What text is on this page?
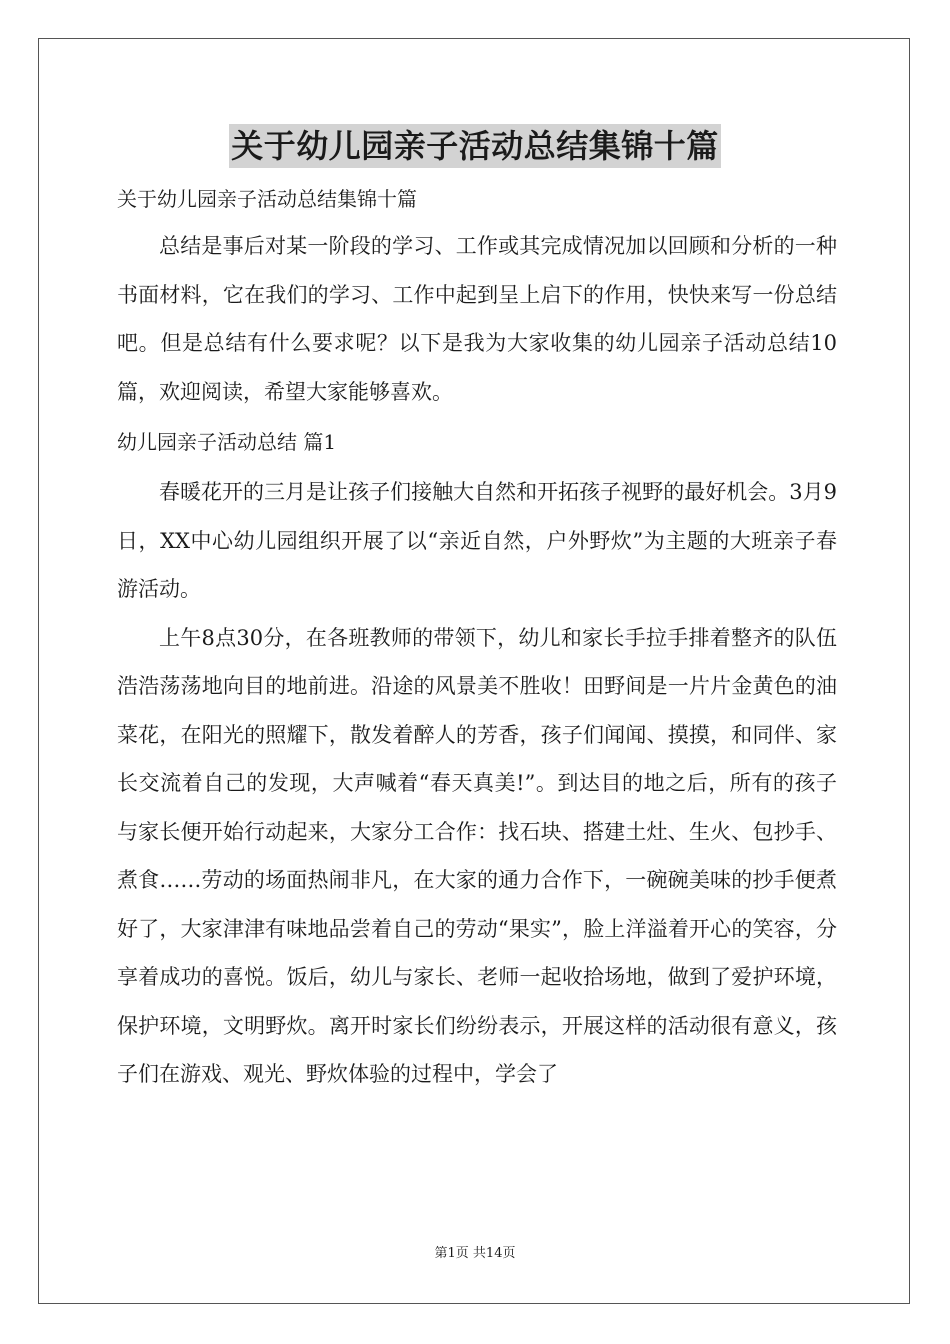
关于幼儿园亲子活动总结集锦十篇

关于幼儿园亲子活动总结集锦十篇

总结是事后对某一阶段的学习、工作或其完成情况加以回顾和分析的一种书面材料，它在我们的学习、工作中起到呈上启下的作用，快快来写一份总结吧。但是总结有什么要求呢？以下是我为大家收集的幼儿园亲子活动总结10篇，欢迎阅读，希望大家能够喜欢。

幼儿园亲子活动总结 篇1

春暖花开的三月是让孩子们接触大自然和开拓孩子视野的最好机会。3月9日，XX中心幼儿园组织开展了以“亲近自然，户外野炊”为主题的大班亲子春游活动。

上午8点30分，在各班教师的带领下，幼儿和家长手拉手排着整齐的队伍浩浩荡荡地向目的地前进。沿途的风景美不胜收！田野间是一片片金黄色的油菜花，在阳光的照耀下，散发着醉人的芳香，孩子们闻闻、摸摸，和同伴、家长交流着自己的发现，大声喊着“春天真美!”。到达目的地之后，所有的孩子与家长便开始行动起来，大家分工合作：找石块、搭建土灶、生火、包抄手、煮食……劳动的场面热闹非凡，在大家的通力合作下，一碗碗美味的抄手便煮好了，大家津津有味地品尝着自己的劳动“果实”，脸上洋溢着开心的笑容，分享着成功的喜悦。饭后，幼儿与家长、老师一起收拾场地，做到了爱护环境，保护环境，文明野炊。离开时家长们纷纷表示，开展这样的活动很有意义，孩子们在游戏、观光、野炊体验的过程中，学会了

第1页 共14页
